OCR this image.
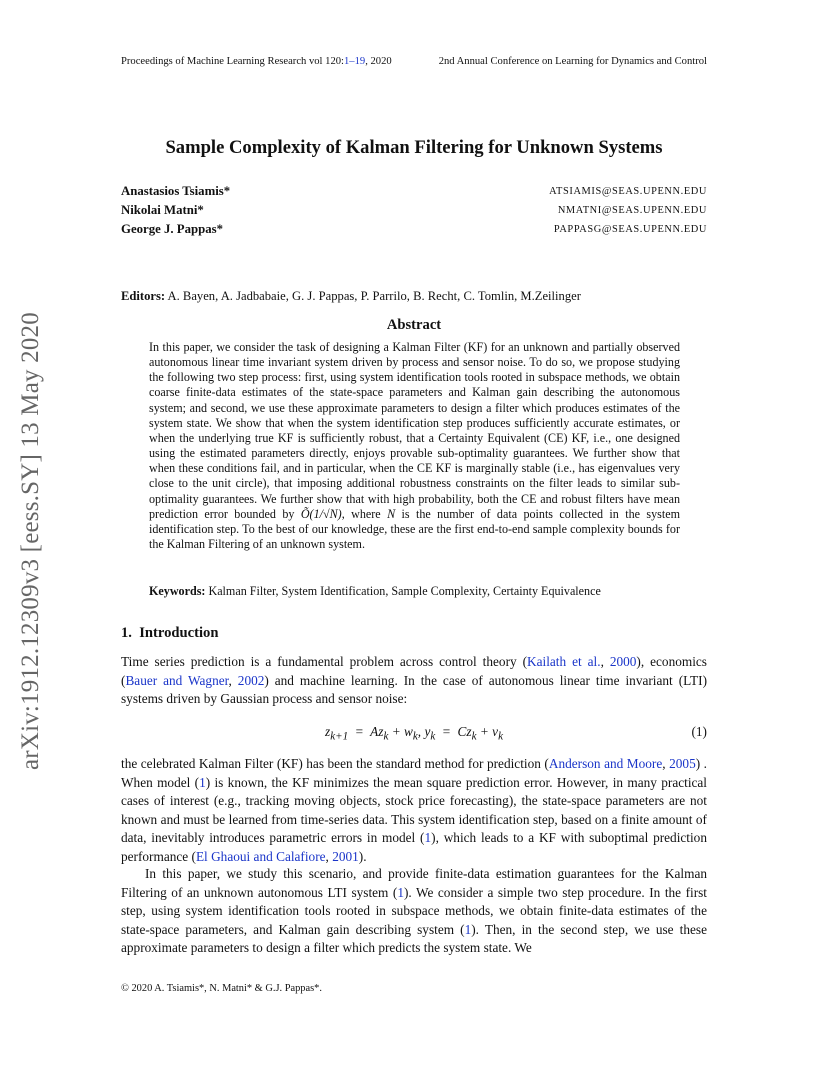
arXiv:1912.12309v3 [eess.SY] 13 May 2020
Proceedings of Machine Learning Research vol 120:1–19, 2020	2nd Annual Conference on Learning for Dynamics and Control
Sample Complexity of Kalman Filtering for Unknown Systems
Anastasios Tsiamis*	ATSIAMIS@SEAS.UPENN.EDU
Nikolai Matni*	NMATNI@SEAS.UPENN.EDU
George J. Pappas*	PAPPASG@SEAS.UPENN.EDU
Editors: A. Bayen, A. Jadbabaie, G. J. Pappas, P. Parrilo, B. Recht, C. Tomlin, M.Zeilinger
Abstract
In this paper, we consider the task of designing a Kalman Filter (KF) for an unknown and partially observed autonomous linear time invariant system driven by process and sensor noise. To do so, we propose studying the following two step process: first, using system identification tools rooted in subspace methods, we obtain coarse finite-data estimates of the state-space parameters and Kalman gain describing the autonomous system; and second, we use these approximate parameters to design a filter which produces estimates of the system state. We show that when the system identification step produces sufficiently accurate estimates, or when the underlying true KF is sufficiently robust, that a Certainty Equivalent (CE) KF, i.e., one designed using the estimated parameters directly, enjoys provable sub-optimality guarantees. We further show that when these conditions fail, and in particular, when the CE KF is marginally stable (i.e., has eigenvalues very close to the unit circle), that imposing additional robustness constraints on the filter leads to similar sub-optimality guarantees. We further show that with high probability, both the CE and robust filters have mean prediction error bounded by Õ(1/√N), where N is the number of data points collected in the system identification step. To the best of our knowledge, these are the first end-to-end sample complexity bounds for the Kalman Filtering of an unknown system.
Keywords: Kalman Filter, System Identification, Sample Complexity, Certainty Equivalence
1. Introduction
Time series prediction is a fundamental problem across control theory (Kailath et al., 2000), economics (Bauer and Wagner, 2002) and machine learning. In the case of autonomous linear time invariant (LTI) systems driven by Gaussian process and sensor noise:
$z_{k+1} = Az_k + w_k$, $y_k = Cz_k + v_k$	(1)
the celebrated Kalman Filter (KF) has been the standard method for prediction (Anderson and Moore, 2005) . When model (1) is known, the KF minimizes the mean square prediction error. However, in many practical cases of interest (e.g., tracking moving objects, stock price forecasting), the state-space parameters are not known and must be learned from time-series data. This system identification step, based on a finite amount of data, inevitably introduces parametric errors in model (1), which leads to a KF with suboptimal prediction performance (El Ghaoui and Calafiore, 2001).
In this paper, we study this scenario, and provide finite-data estimation guarantees for the Kalman Filtering of an unknown autonomous LTI system (1). We consider a simple two step procedure. In the first step, using system identification tools rooted in subspace methods, we obtain finite-data estimates of the state-space parameters, and Kalman gain describing system (1). Then, in the second step, we use these approximate parameters to design a filter which predicts the system state. We
© 2020 A. Tsiamis*, N. Matni* & G.J. Pappas*.
